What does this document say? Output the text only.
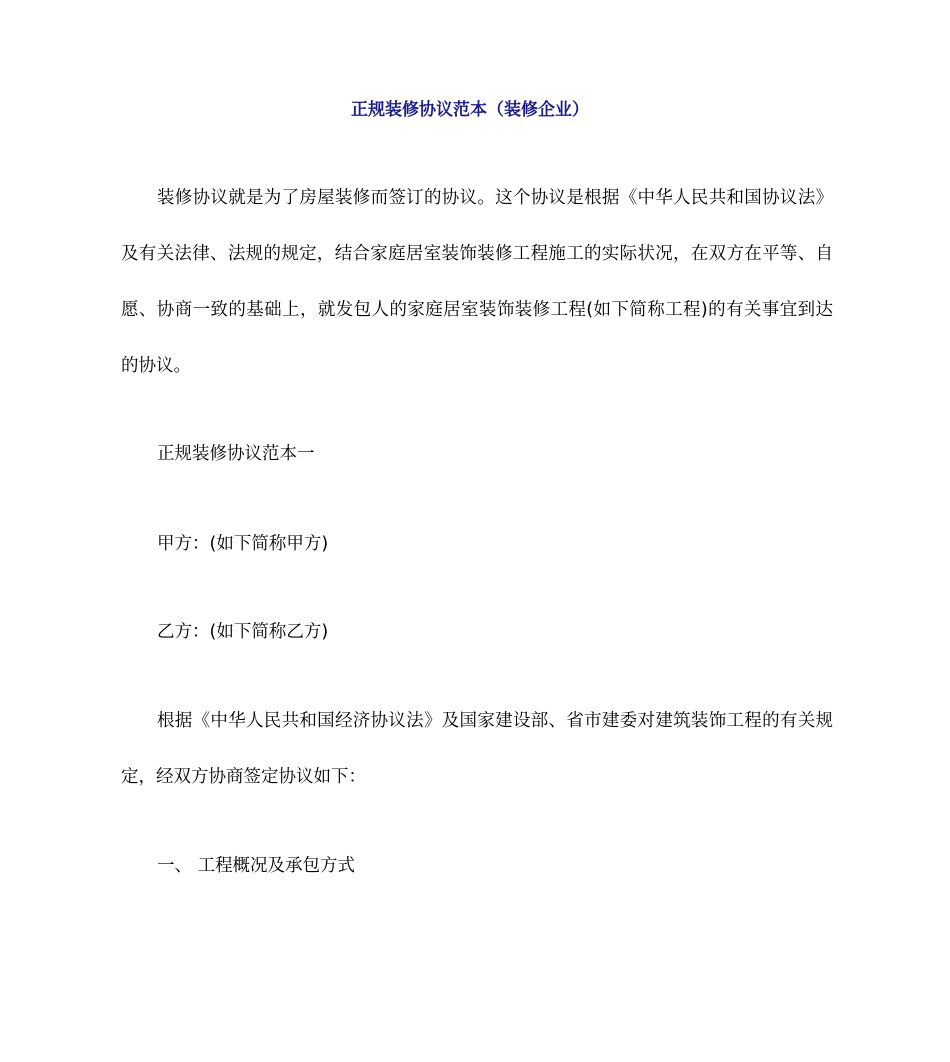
正规装修协议范本（装修企业）
装修协议就是为了房屋装修而签订的协议。这个协议是根据《中华人民共和国协议法》及有关法律、法规的规定，结合家庭居室装饰装修工程施工的实际状况，在双方在平等、自愿、协商一致的基础上，就发包人的家庭居室装饰装修工程(如下简称工程)的有关事宜到达的协议。
正规装修协议范本一
甲方：(如下简称甲方)
乙方：(如下简称乙方)
根据《中华人民共和国经济协议法》及国家建设部、省市建委对建筑装饰工程的有关规定，经双方协商签定协议如下：
一、 工程概况及承包方式
